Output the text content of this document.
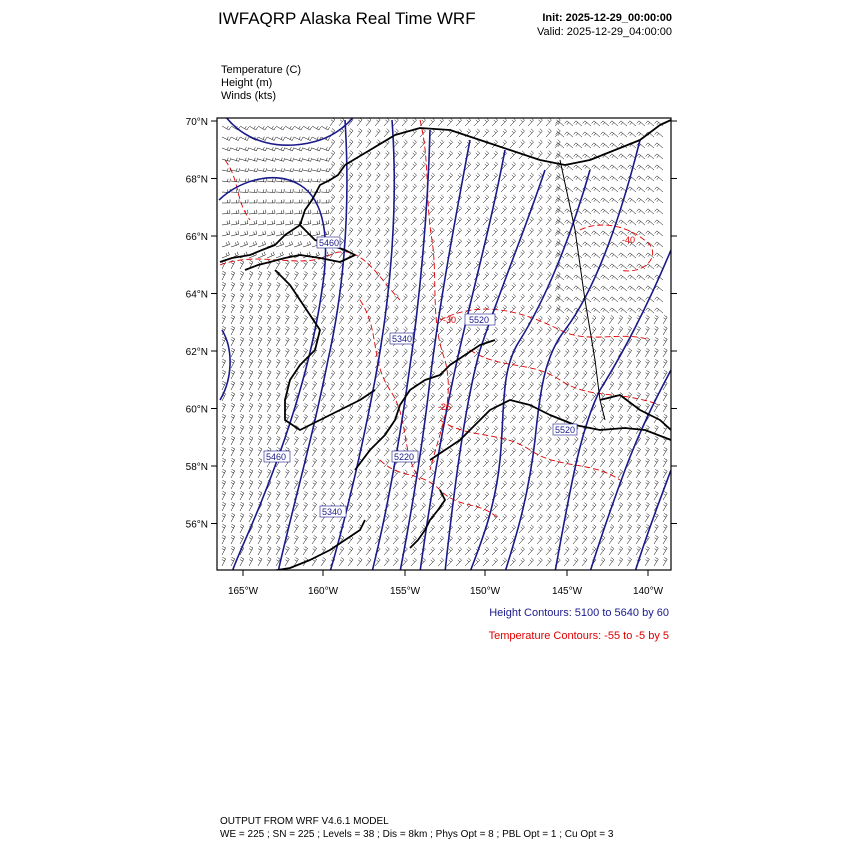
IWFAQRP Alaska Real Time WRF	Init: 2025-12-29_00:00:00
Valid: 2025-12-29_04:00:00
Temperature (C)
Height (m)
Winds (kts)
70°N
68°N
66°N
64°N
62°N
60°N
58°N
56°N
165°W	160°W	155°W	150°W	145°W	140°W
5460
5340
5520
5460	5220
5340
5520
-30
-25
-40
Height Contours: 5100 to 5640 by 60
Temperature Contours: -55 to -5 by 5
OUTPUT FROM WRF V4.6.1 MODEL
WE = 225 ; SN = 225 ; Levels = 38 ; Dis = 8km ; Phys Opt = 8 ; PBL Opt = 1 ; Cu Opt = 3
